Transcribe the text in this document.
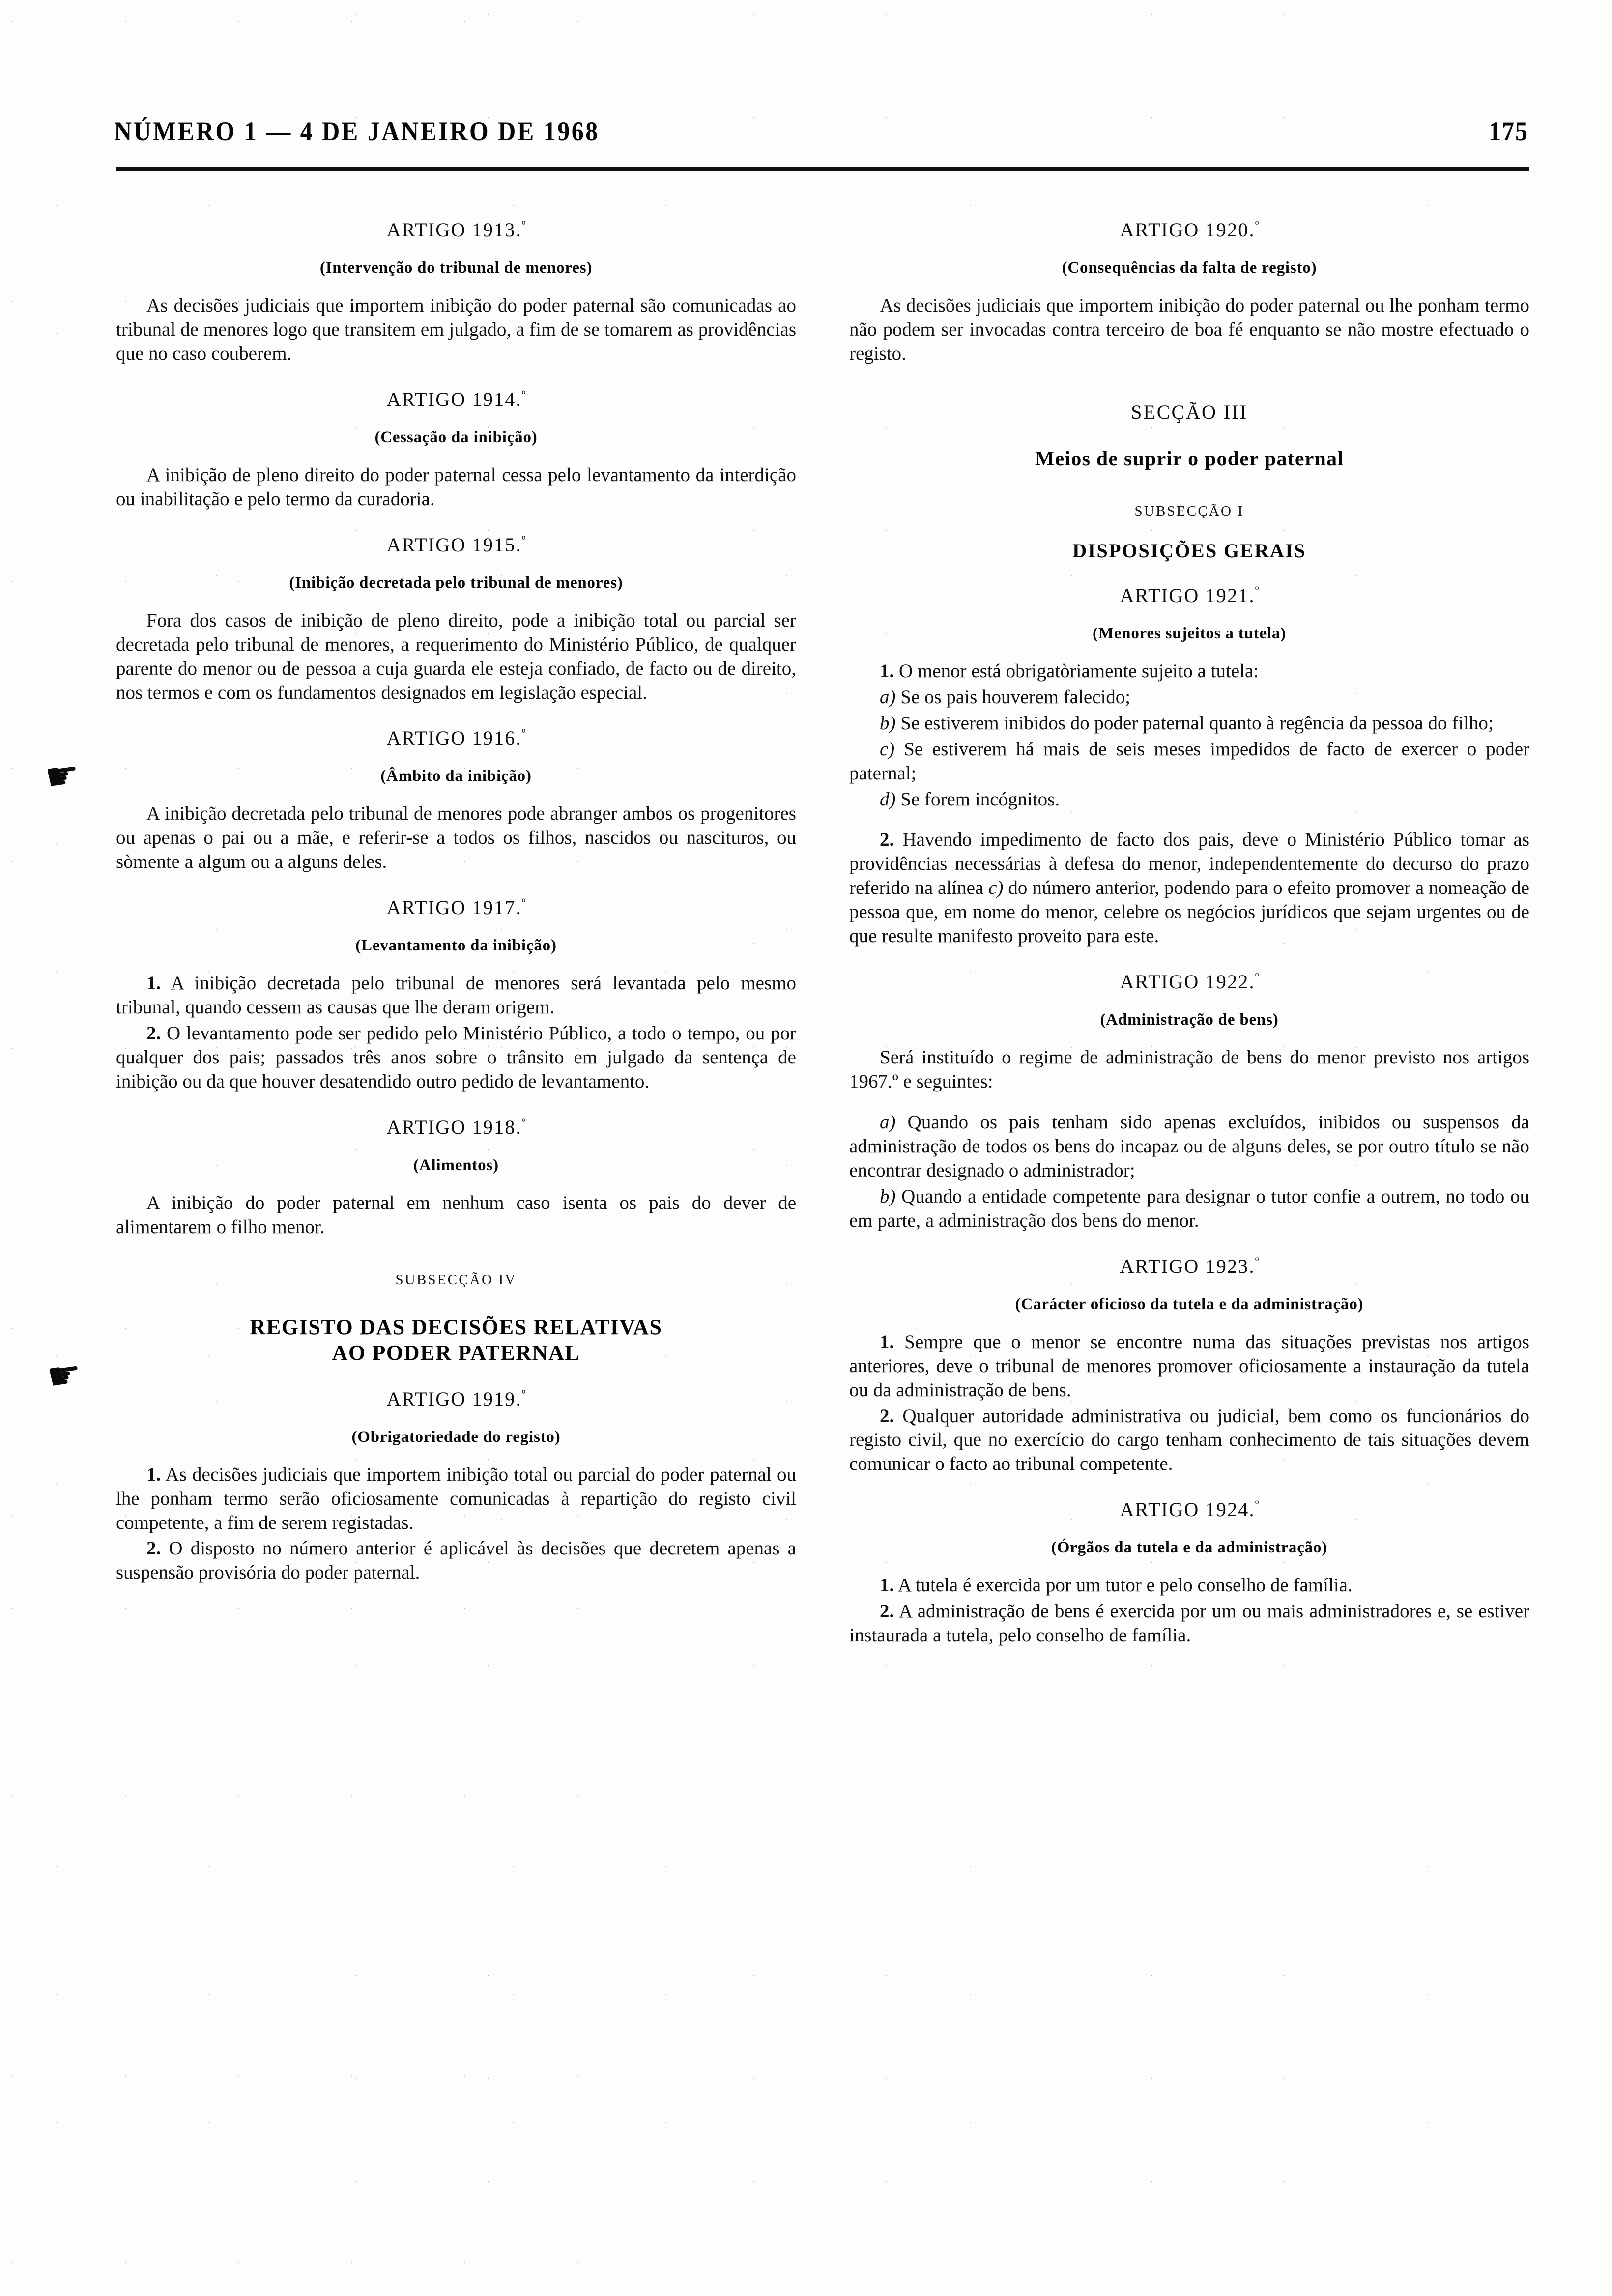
NÚMERO 1 — 4 DE JANEIRO DE 1968	175
☛
☛
ARTIGO 1913.$^º$
(Intervenção do tribunal de menores)

As decisões judiciais que importem inibição do poder paternal são comunicadas ao tribunal de menores logo que transitem em julgado, a fim de se tomarem as providências que no caso couberem.

ARTIGO 1914.$^º$
(Cessação da inibição)

A inibição de pleno direito do poder paternal cessa pelo levantamento da interdição ou inabilitação e pelo termo da curadoria.

ARTIGO 1915.$^º$
(Inibição decretada pelo tribunal de menores)

Fora dos casos de inibição de pleno direito, pode a inibição total ou parcial ser decretada pelo tribunal de menores, a requerimento do Ministério Público, de qualquer parente do menor ou de pessoa a cuja guarda ele esteja confiado, de facto ou de direito, nos termos e com os fundamentos designados em legislação especial.

ARTIGO 1916.$^º$
(Âmbito da inibição)

A inibição decretada pelo tribunal de menores pode abranger ambos os progenitores ou apenas o pai ou a mãe, e referir-se a todos os filhos, nascidos ou nascituros, ou sòmente a algum ou a alguns deles.

ARTIGO 1917.$^º$
(Levantamento da inibição)

1. A inibição decretada pelo tribunal de menores será levantada pelo mesmo tribunal, quando cessem as causas que lhe deram origem.

2. O levantamento pode ser pedido pelo Ministério Público, a todo o tempo, ou por qualquer dos pais; passados três anos sobre o trânsito em julgado da sentença de inibição ou da que houver desatendido outro pedido de levantamento.

ARTIGO 1918.$^º$
(Alimentos)

A inibição do poder paternal em nenhum caso isenta os pais do dever de alimentarem o filho menor.

SUBSECÇÃO IV
REGISTO DAS DECISÕES RELATIVAS
AO PODER PATERNAL
ARTIGO 1919.$^º$
(Obrigatoriedade do registo)

1. As decisões judiciais que importem inibição total ou parcial do poder paternal ou lhe ponham termo serão oficiosamente comunicadas à repartição do registo civil competente, a fim de serem registadas.

2. O disposto no número anterior é aplicável às decisões que decretem apenas a suspensão provisória do poder paternal.

ARTIGO 1920.$^º$
(Consequências da falta de registo)

As decisões judiciais que importem inibição do poder paternal ou lhe ponham termo não podem ser invocadas contra terceiro de boa fé enquanto se não mostre efectuado o registo.

SECÇÃO III
Meios de suprir o poder paternal
SUBSECÇÃO I
DISPOSIÇÕES GERAIS
ARTIGO 1921.$^º$
(Menores sujeitos a tutela)

1. O menor está obrigatòriamente sujeito a tutela:

a) Se os pais houverem falecido;

b) Se estiverem inibidos do poder paternal quanto à regência da pessoa do filho;

c) Se estiverem há mais de seis meses impedidos de facto de exercer o poder paternal;

d) Se forem incógnitos.

2. Havendo impedimento de facto dos pais, deve o Ministério Público tomar as providências necessárias à defesa do menor, independentemente do decurso do prazo referido na alínea c) do número anterior, podendo para o efeito promover a nomeação de pessoa que, em nome do menor, celebre os negócios jurídicos que sejam urgentes ou de que resulte manifesto proveito para este.

ARTIGO 1922.$^º$
(Administração de bens)

Será instituído o regime de administração de bens do menor previsto nos artigos 1967.º e seguintes:

a) Quando os pais tenham sido apenas excluídos, inibidos ou suspensos da administração de todos os bens do incapaz ou de alguns deles, se por outro título se não encontrar designado o administrador;

b) Quando a entidade competente para designar o tutor confie a outrem, no todo ou em parte, a administração dos bens do menor.

ARTIGO 1923.$^º$
(Carácter oficioso da tutela e da administração)

1. Sempre que o menor se encontre numa das situações previstas nos artigos anteriores, deve o tribunal de menores promover oficiosamente a instauração da tutela ou da administração de bens.

2. Qualquer autoridade administrativa ou judicial, bem como os funcionários do registo civil, que no exercício do cargo tenham conhecimento de tais situações devem comunicar o facto ao tribunal competente.

ARTIGO 1924.$^º$
(Órgãos da tutela e da administração)

1. A tutela é exercida por um tutor e pelo conselho de família.

2. A administração de bens é exercida por um ou mais administradores e, se estiver instaurada a tutela, pelo conselho de família.
